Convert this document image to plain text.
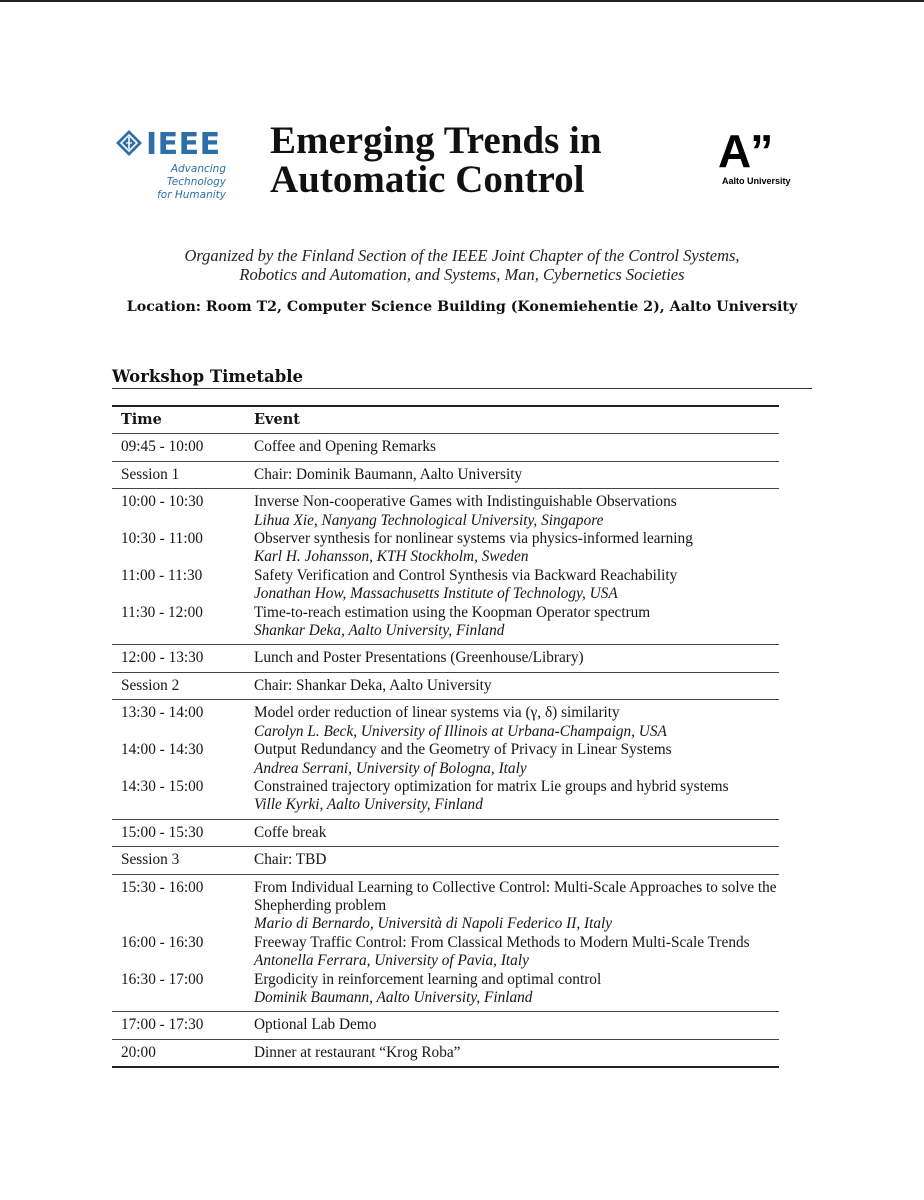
IEEE
Advancing Technology
for Humanity
Emerging Trends in
Automatic Control
A”
Aalto University
Organized by the Finland Section of the IEEE Joint Chapter of the Control Systems,
Robotics and Automation, and Systems, Man, Cybernetics Societies
Location: Room T2, Computer Science Building (Konemiehentie 2), Aalto University
Workshop Timetable
Time	Event
09:45 - 10:00	Coffee and Opening Remarks

Session 1	Chair: Dominik Baumann, Aalto University

10:00 - 10:30	Inverse Non-cooperative Games with Indistinguishable Observations
Lihua Xie, Nanyang Technological University, Singapore

10:30 - 11:00	Observer synthesis for nonlinear systems via physics-informed learning
Karl H. Johansson, KTH Stockholm, Sweden

11:00 - 11:30	Safety Verification and Control Synthesis via Backward Reachability
Jonathan How, Massachusetts Institute of Technology, USA

11:30 - 12:00	Time-to-reach estimation using the Koopman Operator spectrum
Shankar Deka, Aalto University, Finland

12:00 - 13:30	Lunch and Poster Presentations (Greenhouse/Library)

Session 2	Chair: Shankar Deka, Aalto University

13:30 - 14:00	Model order reduction of linear systems via (γ, δ) similarity
Carolyn L. Beck, University of Illinois at Urbana-Champaign, USA

14:00 - 14:30	Output Redundancy and the Geometry of Privacy in Linear Systems
Andrea Serrani, University of Bologna, Italy

14:30 - 15:00	Constrained trajectory optimization for matrix Lie groups and hybrid systems
Ville Kyrki, Aalto University, Finland

15:00 - 15:30	Coffe break

Session 3	Chair: TBD

15:30 - 16:00	From Individual Learning to Collective Control: Multi-Scale Approaches to solve the Shepherding problem
Mario di Bernardo, Università di Napoli Federico II, Italy

16:00 - 16:30	Freeway Traffic Control: From Classical Methods to Modern Multi-Scale Trends
Antonella Ferrara, University of Pavia, Italy

16:30 - 17:00	Ergodicity in reinforcement learning and optimal control
Dominik Baumann, Aalto University, Finland

17:00 - 17:30	Optional Lab Demo

20:00	Dinner at restaurant “Krog Roba”
